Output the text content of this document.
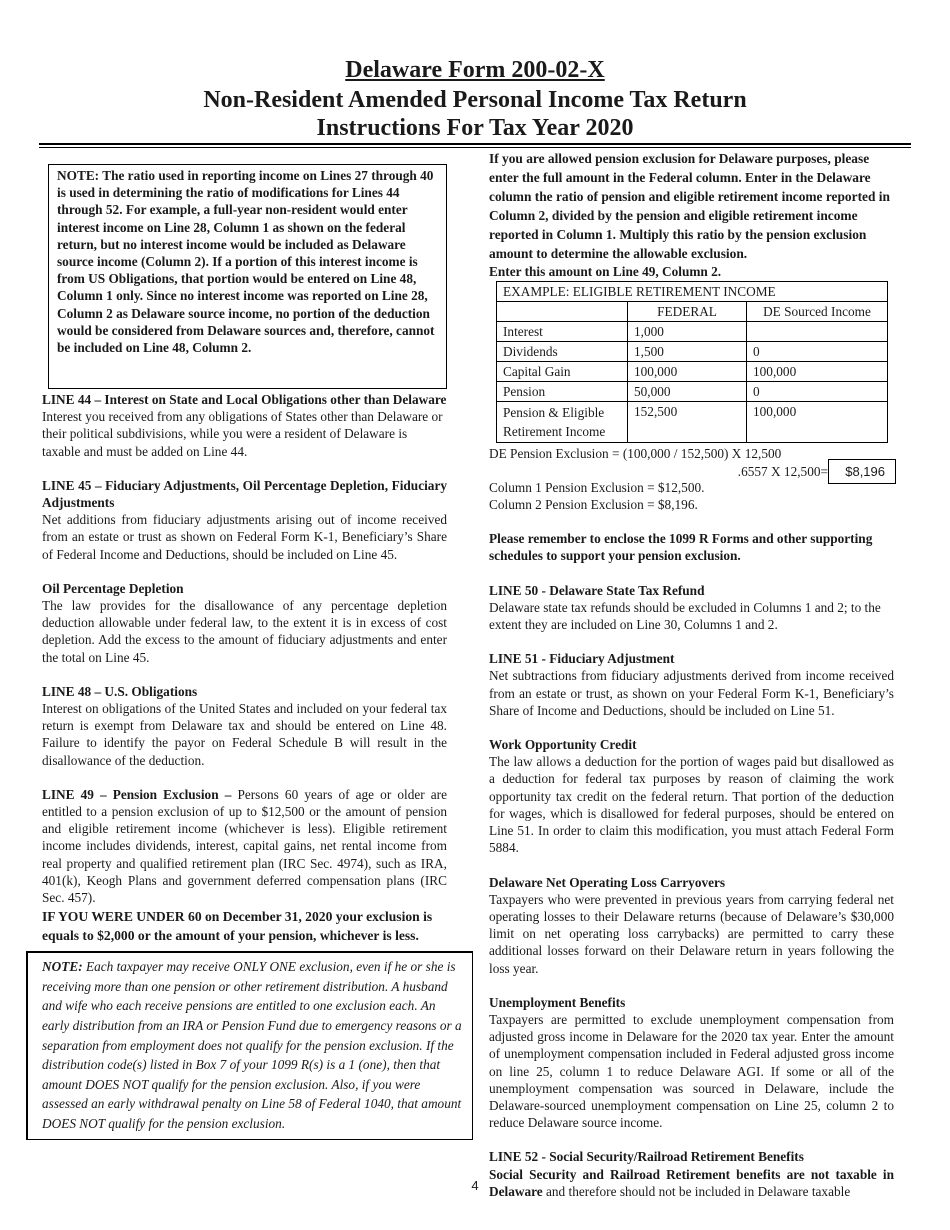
Delaware Form 200-02-X
Non-Resident Amended Personal Income Tax Return
Instructions For Tax Year 2020

NOTE: The ratio used in reporting income on Lines 27 through 40 is used in determining the ratio of modifications for Lines 44 through 52. For example, a full-year non-resident would enter interest income on Line 28, Column 1 as shown on the federal return, but no interest income would be included as Delaware source income (Column 2). If a portion of this interest income is from US Obligations, that portion would be entered on Line 48, Column 1 only. Since no interest income was reported on Line 28, Column 2 as Delaware source income, no portion of the deduction would be considered from Delaware sources and, therefore, cannot be included on Line 48, Column 2.

LINE 44 – Interest on State and Local Obligations other than Delaware

Interest you received from any obligations of States other than Delaware or their political subdivisions, while you were a resident of Delaware is taxable and must be added on Line 44.

LINE 45 – Fiduciary Adjustments, Oil Percentage Depletion, Fiduciary Adjustments

Net additions from fiduciary adjustments arising out of income received from an estate or trust as shown on Federal Form K-1, Beneficiary’s Share of Federal Income and Deductions, should be included on Line 45.

Oil Percentage Depletion

The law provides for the disallowance of any percentage depletion deduction allowable under federal law, to the extent it is in excess of cost depletion. Add the excess to the amount of fiduciary adjustments and enter the total on Line 45.

LINE 48 – U.S. Obligations

Interest on obligations of the United States and included on your federal tax return is exempt from Delaware tax and should be entered on Line 48. Failure to identify the payor on Federal Schedule B will result in the disallowance of the deduction.

LINE 49 – Pension Exclusion – Persons 60 years of age or older are entitled to a pension exclusion of up to $12,500 or the amount of pension and eligible retirement income (whichever is less). Eligible retirement income includes dividends, interest, capital gains, net rental income from real property and qualified retirement plan (IRC Sec. 4974), such as IRA, 401(k), Keogh Plans and government deferred compensation plans (IRC Sec. 457).

IF YOU WERE UNDER 60 on December 31, 2020 your exclusion is equals to $2,000 or the amount of your pension, whichever is less.

NOTE: Each taxpayer may receive ONLY ONE exclusion, even if he or she is receiving more than one pension or other retirement distribution. A husband and wife who each receive pensions are entitled to one exclusion each. An early distribution from an IRA or Pension Fund due to emergency reasons or a separation from employment does not qualify for the pension exclusion. If the distribution code(s) listed in Box 7 of your 1099 R(s) is a 1 (one), then that amount DOES NOT qualify for the pension exclusion. Also, if you were assessed an early withdrawal penalty on Line 58 of Federal 1040, that amount DOES NOT qualify for the pension exclusion.

If you are allowed pension exclusion for Delaware purposes, please enter the full amount in the Federal column. Enter in the Delaware column the ratio of pension and eligible retirement income reported in Column 2, divided by the pension and eligible retirement income reported in Column 1. Multiply this ratio by the pension exclusion amount to determine the allowable exclusion.

Enter this amount on Line 49, Column 2.

EXAMPLE: ELIGIBLE RETIREMENT INCOME		
	FEDERAL	DE Sourced Income
Interest	1,000	
Dividends	1,500	0
Capital Gain	100,000	100,000
Pension	50,000	0
Pension & Eligible Retirement Income	152,500	100,000

DE Pension Exclusion = (100,000 / 152,500) X 12,500

.6557 X 12,500= $8,196

Column 1 Pension Exclusion = $12,500.

Column 2 Pension Exclusion = $8,196.

Please remember to enclose the 1099 R Forms and other supporting schedules to support your pension exclusion.

LINE 50 - Delaware State Tax Refund

Delaware state tax refunds should be excluded in Columns 1 and 2; to the extent they are included on Line 30, Columns 1 and 2.

LINE 51 - Fiduciary Adjustment

Net subtractions from fiduciary adjustments derived from income received from an estate or trust, as shown on your Federal Form K-1, Beneficiary’s Share of Income and Deductions, should be included on Line 51.

Work Opportunity Credit

The law allows a deduction for the portion of wages paid but disallowed as a deduction for federal tax purposes by reason of claiming the work opportunity tax credit on the federal return. That portion of the deduction for wages, which is disallowed for federal purposes, should be entered on Line 51. In order to claim this modification, you must attach Federal Form 5884.

Delaware Net Operating Loss Carryovers

Taxpayers who were prevented in previous years from carrying federal net operating losses to their Delaware returns (because of Delaware’s $30,000 limit on net operating loss carrybacks) are permitted to carry these additional losses forward on their Delaware return in years following the loss year.

Unemployment Benefits

Taxpayers are permitted to exclude unemployment compensation from adjusted gross income in Delaware for the 2020 tax year. Enter the amount of unemployment compensation included in Federal adjusted gross income on line 25, column 1 to reduce Delaware AGI. If some or all of the unemployment compensation was sourced in Delaware, include the Delaware-sourced unemployment compensation on Line 25, column 2 to reduce Delaware source income.

LINE 52 - Social Security/Railroad Retirement Benefits

Social Security and Railroad Retirement benefits are not taxable in Delaware and therefore should not be included in Delaware taxable

4
